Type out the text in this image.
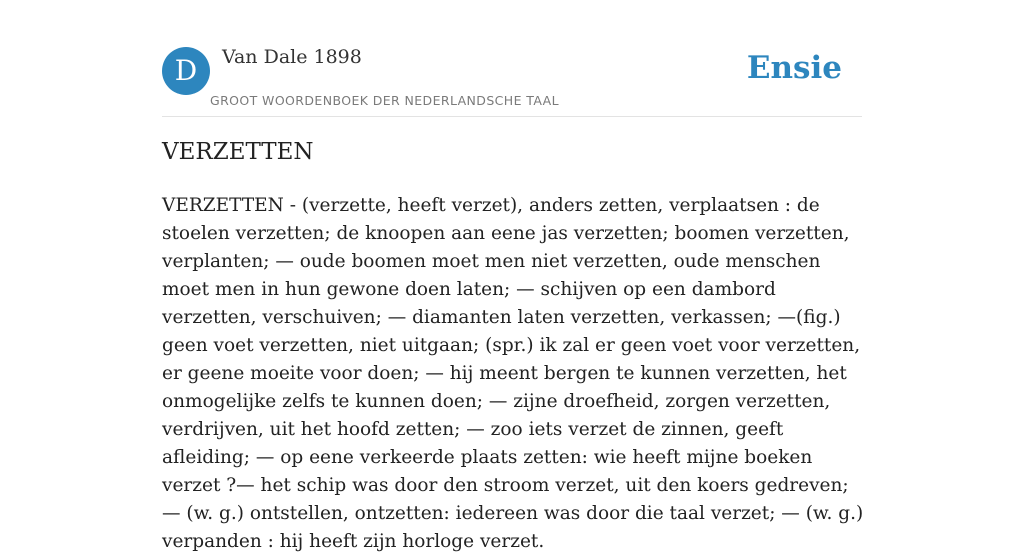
D	Van Dale 1898
GROOT WOORDENBOEK DER NEDERLANDSCHE TAAL
Ensie
VERZETTEN

VERZETTEN - (verzette, heeft verzet), anders zetten, verplaatsen : de stoelen verzetten; de knoopen aan eene jas verzetten; boomen verzetten, verplanten; — oude boomen moet men niet verzetten, oude menschen moet men in hun gewone doen laten; — schijven op een dambord verzetten, verschuiven; — diamanten laten verzetten, verkassen; —(fig.) geen voet verzetten, niet uitgaan; (spr.) ik zal er geen voet voor verzetten, er geene moeite voor doen; — hij meent bergen te kunnen verzetten, het onmogelijke zelfs te kunnen doen; — zijne droefheid, zorgen verzetten, verdrijven, uit het hoofd zetten; — zoo iets verzet de zinnen, geeft afleiding; — op eene verkeerde plaats zetten: wie heeft mijne boeken verzet ?— het schip was door den stroom verzet, uit den koers gedreven; — (w. g.) ontstellen, ontzetten: iedereen was door die taal verzet; — (w. g.) verpanden : hij heeft zijn horloge verzet.
